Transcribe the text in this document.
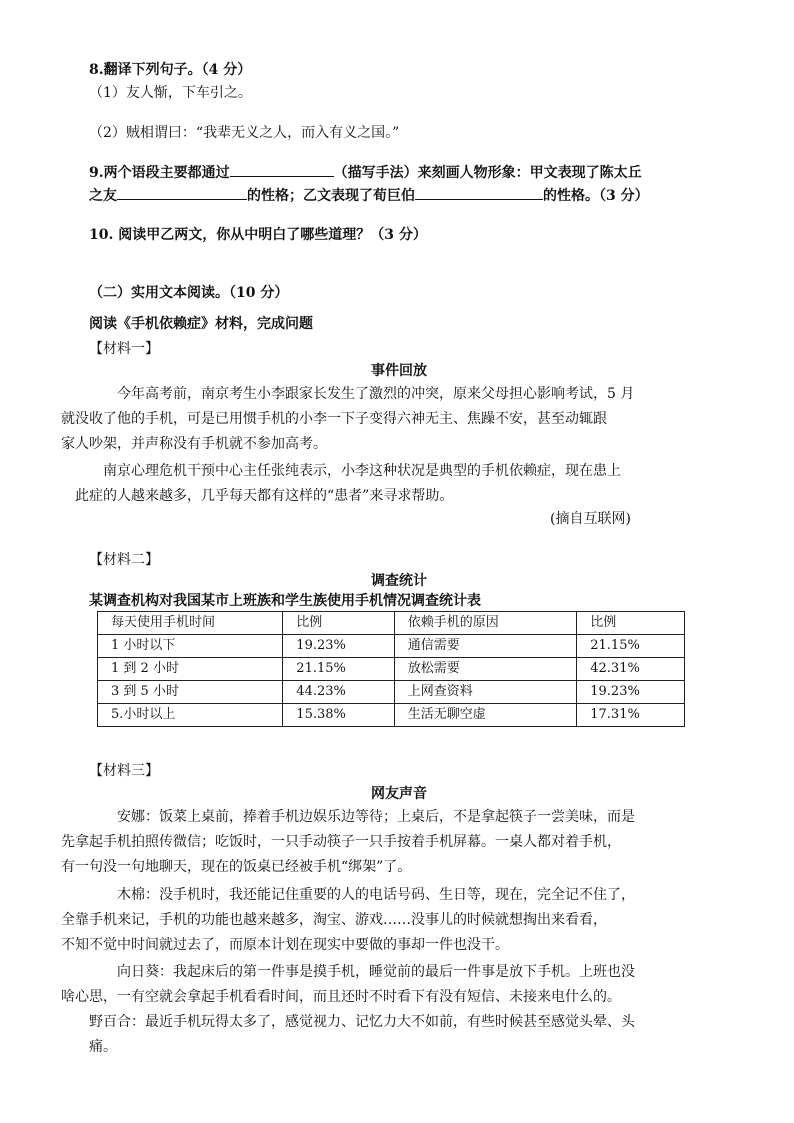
8.翻译下列句子。（4 分）

（1）友人惭，下车引之。

（2）贼相谓曰：“我辈无义之人，而入有义之国。”

9.两个语段主要都通过	（描写手法）来刻画人物形象：甲文表现了陈太丘
之友	的性格；乙文表现了荀巨伯	的性格。（3 分）

10. 阅读甲乙两文，你从中明白了哪些道理？（3 分）

（二）实用文本阅读。（10 分）

阅读《手机依赖症》材料，完成问题

【材料一】

事件回放

今年高考前，南京考生小李跟家长发生了激烈的冲突，原来父母担心影响考试，5 月
就没收了他的手机，可是已用惯手机的小李一下子变得六神无主、焦躁不安，甚至动辄跟
家人吵架，并声称没有手机就不参加高考。
南京心理危机干预中心主任张纯表示，小李这种状况是典型的手机依赖症，现在患上
此症的人越来越多，几乎每天都有这样的“患者”来寻求帮助。

(摘自互联网)

【材料二】

调查统计

某调查机构对我国某市上班族和学生族使用手机情况调查统计表

每天使用手机时间	比例	依赖手机的原因	比例
1 小时以下	19.23%	通信需要	21.15%
1 到 2 小时	21.15%	放松需要	42.31%
3 到 5 小时	44.23%	上网查资料	19.23%
5.小时以上	15.38%	生活无聊空虚	17.31%

【材料三】

网友声音

安娜：饭菜上桌前，捧着手机边娱乐边等待；上桌后，不是拿起筷子一尝美味，而是
先拿起手机拍照传微信；吃饭时，一只手动筷子一只手按着手机屏幕。一桌人都对着手机，
有一句没一句地聊天，现在的饭桌已经被手机“绑架”了。
木棉：没手机时，我还能记住重要的人的电话号码、生日等，现在，完全记不住了，
全靠手机来记，手机的功能也越来越多，淘宝、游戏……没事儿的时候就想掏出来看看，
不知不觉中时间就过去了，而原本计划在现实中要做的事却一件也没干。
向日葵：我起床后的第一件事是摸手机，睡觉前的最后一件事是放下手机。上班也没
啥心思，一有空就会拿起手机看看时间，而且还时不时看下有没有短信、未接来电什么的。
野百合：最近手机玩得太多了，感觉视力、记忆力大不如前，有些时候甚至感觉头晕、头
痛。
